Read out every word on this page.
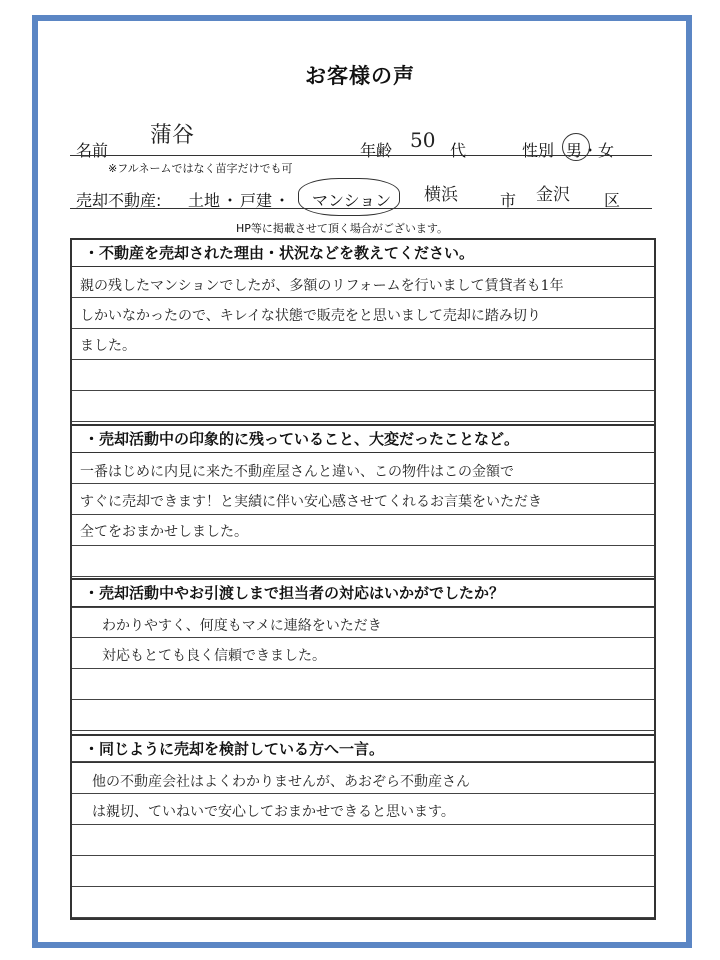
お客様の声
名前
蒲谷
年齢 50 代	性別 男・女
※フルネームではなく苗字だけでも可
売却不動産: 土地 ・ 戸建 ・ マンション 横浜	市 金沢 区
HP等に掲載させて頂く場合がございます。
・不動産を売却された理由・状況などを教えてください。
親の残したマンションでしたが、多額のリフォームを行いまして賃貸者も1年
しかいなかったので、キレイな状態で販売をと思いまして売却に踏み切り
ました。
・売却活動中の印象的に残っていること、大変だったことなど。
一番はじめに内見に来た不動産屋さんと違い、この物件はこの金額で
すぐに売却できます！と実績に伴い安心感させてくれるお言葉をいただき
全てをおまかせしました。
・売却活動中やお引渡しまで担当者の対応はいかがでしたか？
わかりやすく、何度もマメに連絡をいただき
対応もとても良く信頼できました。
・同じように売却を検討している方へ一言。
他の不動産会社はよくわかりませんが、あおぞら不動産さん
は親切、ていねいで安心しておまかせできると思います。
